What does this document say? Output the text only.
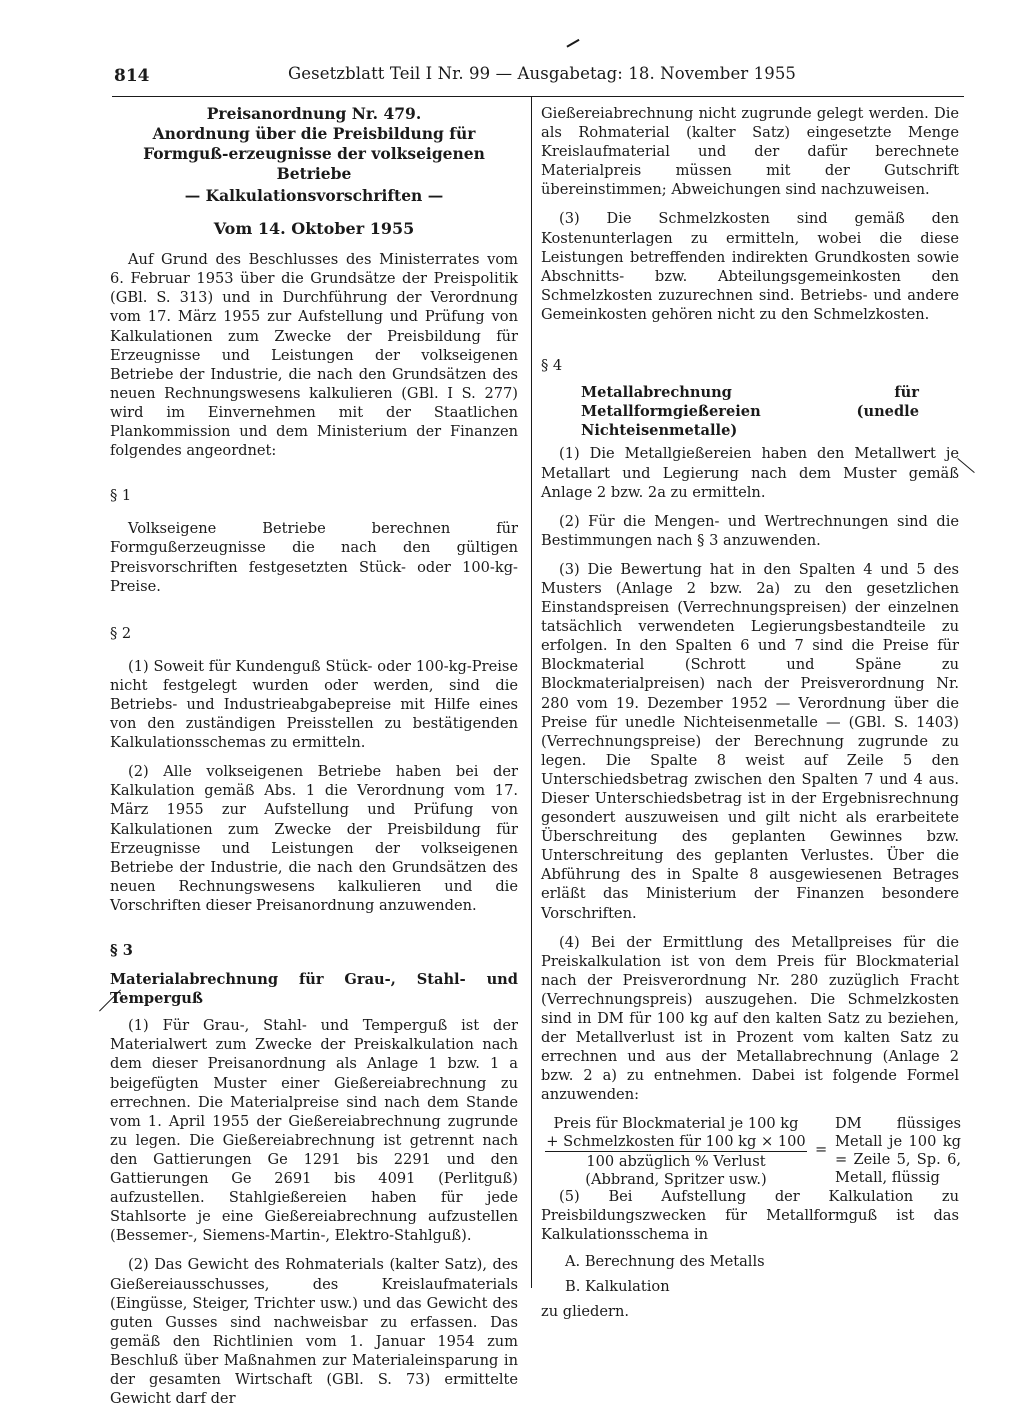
814	Gesetzblatt Teil I Nr. 99 — Ausgabetag: 18. November 1955
Preisanordnung Nr. 479.
Anordnung über die Preisbildung für Formguß-erzeugnisse der volkseigenen Betriebe
— Kalkulationsvorschriften —
Vom 14. Oktober 1955

Auf Grund des Beschlusses des Ministerrates vom 6. Februar 1953 über die Grundsätze der Preispolitik (GBl. S. 313) und in Durchführung der Verordnung vom 17. März 1955 zur Aufstellung und Prüfung von Kalkulationen zum Zwecke der Preisbildung für Erzeugnisse und Leistungen der volkseigenen Betriebe der Industrie, die nach den Grundsätzen des neuen Rechnungswesens kalkulieren (GBl. I S. 277) wird im Einvernehmen mit der Staatlichen Plankommission und dem Ministerium der Finanzen folgendes angeordnet:

§ 1

Volkseigene Betriebe berechnen für Formgußerzeugnisse die nach den gültigen Preisvorschriften festgesetzten Stück- oder 100-kg-Preise.

§ 2

(1) Soweit für Kundenguß Stück- oder 100-kg-Preise nicht festgelegt wurden oder werden, sind die Betriebs- und Industrieabgabepreise mit Hilfe eines von den zuständigen Preisstellen zu bestätigenden Kalkulationsschemas zu ermitteln.

(2) Alle volkseigenen Betriebe haben bei der Kalkulation gemäß Abs. 1 die Verordnung vom 17. März 1955 zur Aufstellung und Prüfung von Kalkulationen zum Zwecke der Preisbildung für Erzeugnisse und Leistungen der volkseigenen Betriebe der Industrie, die nach den Grundsätzen des neuen Rechnungswesens kalkulieren und die Vorschriften dieser Preisanordnung anzuwenden.

§ 3

Materialabrechnung für Grau-, Stahl- und Temperguß

(1) Für Grau-, Stahl- und Temperguß ist der Materialwert zum Zwecke der Preiskalkulation nach dem dieser Preisanordnung als Anlage 1 bzw. 1 a beigefügten Muster einer Gießereiabrechnung zu errechnen. Die Materialpreise sind nach dem Stande vom 1. April 1955 der Gießereiabrechnung zugrunde zu legen. Die Gießereiabrechnung ist getrennt nach den Gattierungen Ge 1291 bis 2291 und den Gattierungen Ge 2691 bis 4091 (Perlitguß) aufzustellen. Stahlgießereien haben für jede Stahlsorte je eine Gießereiabrechnung aufzustellen (Bessemer-, Siemens-Martin-, Elektro-Stahlguß).

(2) Das Gewicht des Rohmaterials (kalter Satz), des Gießereiausschusses, des Kreislaufmaterials (Eingüsse, Steiger, Trichter usw.) und das Gewicht des guten Gusses sind nachweisbar zu erfassen. Das gemäß den Richtlinien vom 1. Januar 1954 zum Beschluß über Maßnahmen zur Materialeinsparung in der gesamten Wirtschaft (GBl. S. 73) ermittelte Gewicht darf der

Gießereiabrechnung nicht zugrunde gelegt werden. Die als Rohmaterial (kalter Satz) eingesetzte Menge Kreislaufmaterial und der dafür berechnete Materialpreis müssen mit der Gutschrift übereinstimmen; Abweichungen sind nachzuweisen.

(3) Die Schmelzkosten sind gemäß den Kostenunterlagen zu ermitteln, wobei die diese Leistungen betreffenden indirekten Grundkosten sowie Abschnitts- bzw. Abteilungsgemeinkosten den Schmelzkosten zuzurechnen sind. Betriebs- und andere Gemeinkosten gehören nicht zu den Schmelzkosten.

§ 4

Metallabrechnung für Metallformgießereien (unedle Nichteisenmetalle)

(1) Die Metallgießereien haben den Metallwert je Metallart und Legierung nach dem Muster gemäß Anlage 2 bzw. 2a zu ermitteln.

(2) Für die Mengen- und Wertrechnungen sind die Bestimmungen nach § 3 anzuwenden.

(3) Die Bewertung hat in den Spalten 4 und 5 des Musters (Anlage 2 bzw. 2a) zu den gesetzlichen Einstandspreisen (Verrechnungspreisen) der einzelnen tatsächlich verwendeten Legierungsbestandteile zu erfolgen. In den Spalten 6 und 7 sind die Preise für Blockmaterial (Schrott und Späne zu Blockmaterialpreisen) nach der Preisverordnung Nr. 280 vom 19. Dezember 1952 — Verordnung über die Preise für unedle Nichteisenmetalle — (GBl. S. 1403) (Verrechnungspreise) der Berechnung zugrunde zu legen. Die Spalte 8 weist auf Zeile 5 den Unterschiedsbetrag zwischen den Spalten 7 und 4 aus. Dieser Unterschiedsbetrag ist in der Ergebnisrechnung gesondert auszuweisen und gilt nicht als erarbeitete Überschreitung des geplanten Gewinnes bzw. Unterschreitung des geplanten Verlustes. Über die Abführung des in Spalte 8 ausgewiesenen Betrages erläßt das Ministerium der Finanzen besondere Vorschriften.

(4) Bei der Ermittlung des Metallpreises für die Preiskalkulation ist von dem Preis für Blockmaterial nach der Preisverordnung Nr. 280 zuzüglich Fracht (Verrechnungspreis) auszugehen. Die Schmelzkosten sind in DM für 100 kg auf den kalten Satz zu beziehen, der Metallverlust ist in Prozent vom kalten Satz zu errechnen und aus der Metallabrechnung (Anlage 2 bzw. 2 a) zu entnehmen. Dabei ist folgende Formel anzuwenden:

Preis für Blockmaterial je 100 kg
+ Schmelzkosten für 100 kg × 100
100 abzüglich % Verlust
(Abbrand, Spritzer usw.)
=
DM flüssiges Metall je 100 kg = Zeile 5, Sp. 6, Metall, flüssig

(5) Bei Aufstellung der Kalkulation zu Preisbildungszwecken für Metallformguß ist das Kalkulationsschema in

A. Berechnung des Metalls

B. Kalkulation

zu gliedern.
